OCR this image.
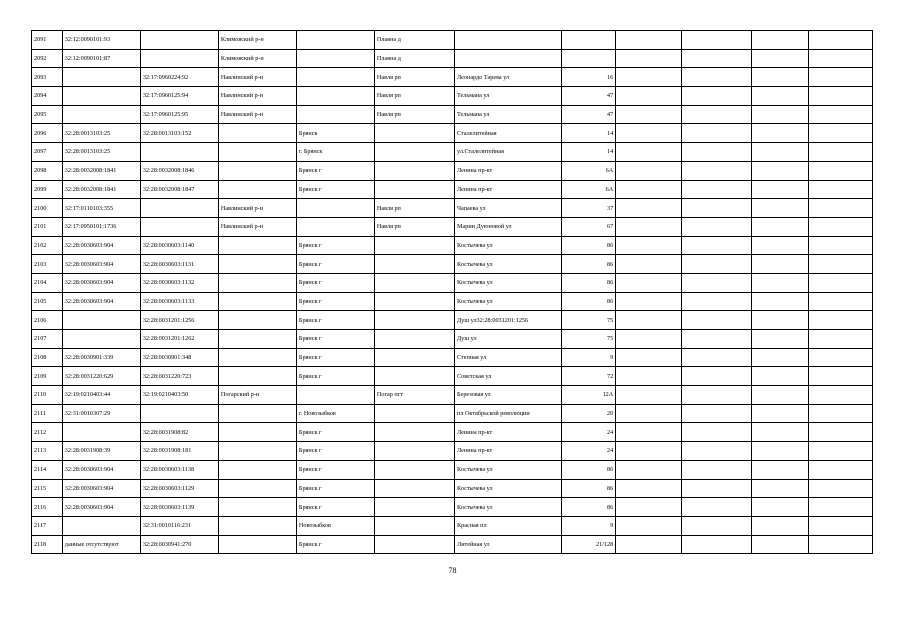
2091	32:12:0090101:93		Климовский р-н		Плавна д						
2092	32:12:0090101:87		Климовский р-н		Плавна д						
2093		32:17:0960224:92	Навлинский р-н		Навля рп	Леонардо Тарева ул	16				
2094		32:17:0960125:94	Навлинский р-н		Навля рп	Тельмана ул	47				
2095		32:17:0960125:95	Навлинский р-н		Навля рп	Тельмана ул	47				
2096	32:28:0013103:25	32:28:0013103:152		Брянск		Сталелитейная	14				
2097	32:28:0013103:25			г. Брянск		ул.Сталелитейная	14				
2098	32:28:0032008:1841	32:28:0032008:1846		Брянск г		Ленина пр-кт	6А				
2099	32:28:0032008:1841	32:28:0032008:1847		Брянск г		Ленина пр-кт	6А				
2100	32:17:0110103:355		Навлинский р-н		Навля рп	Чапаева ул	37				
2101	32:17:0950101:1736		Навлинский р-н		Навля рп	Марии Дуюновой ул	67				
2102	32:28:0030603:904	32:28:0030603:1140		Брянск г		Костычева ул	86				
2103	32:28:0030603:904	32:28:0030603:1131		Брянск г		Костычева ул	86				
2104	32:28:0030603:904	32:28:0030603:1132		Брянск г		Костычева ул	86				
2105	32:28:0030603:904	32:28:0030603:1133		Брянск г		Костычева ул	86				
2106		32:28:0031201:1256		Брянск г		Душ ул32:28:0031201:1256	75				
2107		32:28:0031201:1262		Брянск г		Душ ул	75				
2108	32:28:0030901:339	32:28:0030901:348		Брянск г		Степная ул	9				
2109	32:28:0031220:629	32:28:0031220:723		Брянск г		Советская ул	72				
2110	32:19:0210403:44	32:19:0210403:50	Погарский р-н		Погар пгт	Березовая ул	12А				
2111	32:31:0010307:29			г. Новозыбков		пл Октябрьской революции	20				
2112		32:28:0031908:82		Брянск г		Ленина пр-кт	24				
2113	32:28:0031908:39	32:28:0031908:181		Брянск г		Ленина пр-кт	24				
2114	32:28:0030603:904	32:28:0030603:1138		Брянск г		Костычева ул	86				
2115	32:28:0030603:904	32:28:0030603:1129		Брянск г		Костычева ул	86				
2116	32:28:0030603:904	32:28:0030603:1139		Брянск г		Костычева ул	86				
2117		32:31:0010116:231		Новозыбков		Красная пл	9				
2118	данные отсутствуют	32:28:0030941:270		Брянск г		Литейная ул	21/128				
78
